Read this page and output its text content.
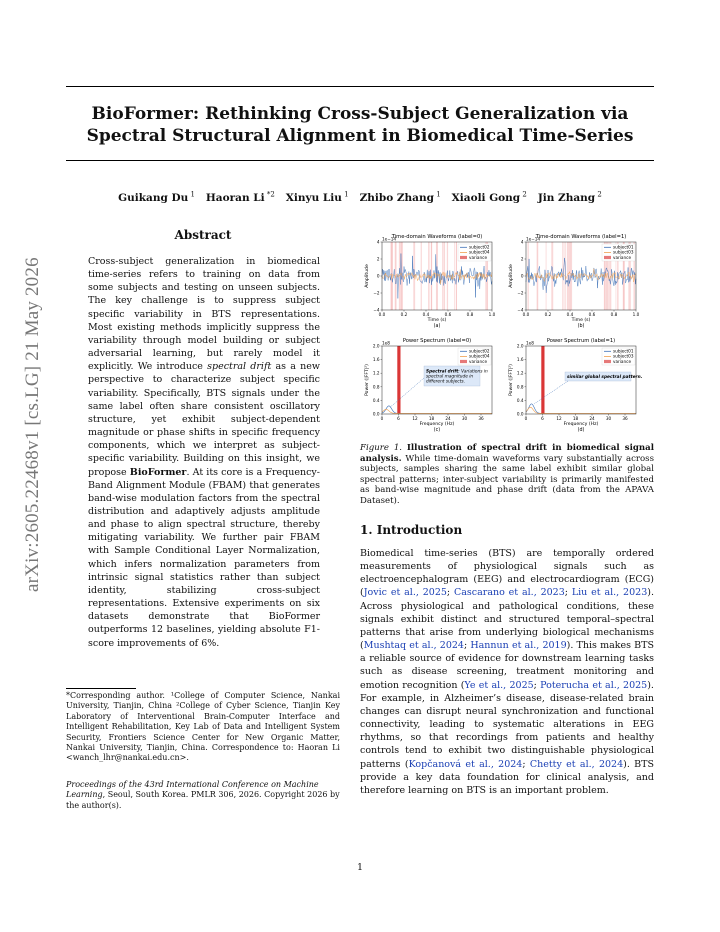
BioFormer: Rethinking Cross-Subject Generalization via
Spectral Structural Alignment in Biomedical Time-Series
Guikang Du $^1$ Haoran Li $^{*2}$ Xinyu Liu $^1$ Zhibo Zhang $^1$ Xiaoli Gong $^2$ Jin Zhang $^2$
arXiv:2605.22468v1 [cs.LG] 21 May 2026
Abstract
Cross-subject generalization in biomedical time-series refers to training on data from some subjects and testing on unseen subjects. The key challenge is to suppress subject specific variability in BTS representations. Most existing methods implicitly suppress the variability through model building or subject adversarial learning, but rarely model it explicitly. We introduce spectral drift as a new perspective to characterize subject specific variability. Specifically, BTS signals under the same label often share consistent oscillatory structure, yet exhibit subject-dependent magnitude or phase shifts in specific frequency components, which we interpret as subject-specific variability. Building on this insight, we propose BioFormer. At its core is a Frequency-Band Alignment Module (FBAM) that generates band-wise modulation factors from the spectral distribution and adaptively adjusts amplitude and phase to align spectral structure, thereby mitigating variability. We further pair FBAM with Sample Conditional Layer Normalization, which infers normalization parameters from intrinsic signal statistics rather than subject identity, stabilizing cross-subject representations. Extensive experiments on six datasets demonstrate that BioFormer outperforms 12 baselines, yielding absolute F1-score improvements of 6%.
*Corresponding author. ¹College of Computer Science, Nankai University, Tianjin, China ²College of Cyber Science, Tianjin Key Laboratory of Interventional Brain-Computer Interface and Intelligent Rehabilitation, Key Lab of Data and Intelligent System Security, Frontiers Science Center for New Organic Matter, Nankai University, Tianjin, China. Correspondence to: Haoran Li <wanch_lhr@nankai.edu.cn>.
Proceedings of the 43rd International Conference on Machine Learning, Seoul, South Korea. PMLR 306, 2026. Copyright 2026 by the author(s).
Time-domain Waveforms (label=0)
1e−14
0.0	0.2	0.4	0.6	0.8	1.0
−4
−2
0
2
4
Time (s)
Amplitude
(a)
subject02
subject04
variance
Time-domain Waveforms (label=1)
1e−14
0.0	0.2	0.4	0.6	0.8	1.0
−4
−2
0
2
4
Time (s)
Amplitude
(b)
subject01
subject03
variance
Power Spectrum (label=0)
1e8
Spectral drift: Variations in
spectral magnitude in
different subjects.
0	6	12	18	24	30	36
0.0
0.4
0.8
1.2
1.6
2.0
Frequency (Hz)
Power (|FFT|²)
(c)
subject02
subject04
variance
Power Spectrum (label=1)
1e8
similar global spectral pattern.
0	6	12	18	24	30	36
0.0
0.4
0.8
1.2
1.6
2.0
Frequency (Hz)
Power (|FFT|²)
(d)
subject01
subject03
variance
Figure 1. Illustration of spectral drift in biomedical signal analysis. While time-domain waveforms vary substantially across subjects, samples sharing the same label exhibit similar global spectral patterns; inter-subject variability is primarily manifested as band-wise magnitude and phase drift (data from the APAVA Dataset).
1. Introduction
Biomedical time-series (BTS) are temporally ordered measurements of physiological signals such as electroencephalogram (EEG) and electrocardiogram (ECG) (Jovic et al., 2025; Cascarano et al., 2023; Liu et al., 2023). Across physiological and pathological conditions, these signals exhibit distinct and structured temporal–spectral patterns that arise from underlying biological mechanisms (Mushtaq et al., 2024; Hannun et al., 2019). This makes BTS a reliable source of evidence for downstream learning tasks such as disease screening, treatment monitoring and emotion recognition (Ye et al., 2025; Poterucha et al., 2025). For example, in Alzheimer’s disease, disease-related brain changes can disrupt neural synchronization and functional connectivity, leading to systematic alterations in EEG rhythms, so that recordings from patients and healthy controls tend to exhibit two distinguishable physiological patterns (Kopčanová et al., 2024; Chetty et al., 2024). BTS provide a key data foundation for clinical analysis, and therefore learning on BTS is an important problem.
1
